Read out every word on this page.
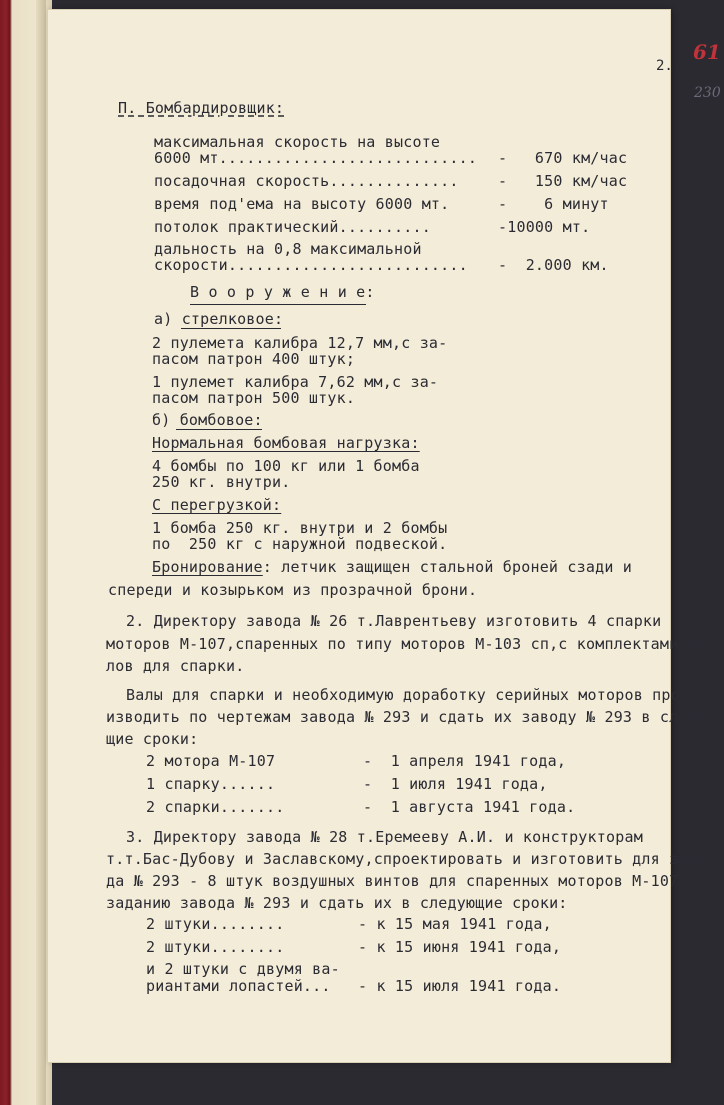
2.-
61
230
П. Бомбардировщик:
максимальная скорость на высоте
6000 мт............................ -   670 км/час
посадочная скорость..............	-   150 км/час
время под'ема на высоту 6000 мт.	-    6 минут
потолок практический..........	-10000 мт.
дальность на 0,8 максимальной
скорости.......................... -  2.000 км.
В о о р у ж е н и е:
а) стрелковое:
2 пулемета калибра 12,7 мм,с за-
пасом патрон 400 штук;
1 пулемет калибра 7,62 мм,с за-
пасом патрон 500 штук.
б) бомбовое:
Нормальная бомбовая нагрузка:
4 бомбы по 100 кг или 1 бомба
250 кг. внутри.
С перегрузкой:
1 бомба 250 кг. внутри и 2 бомбы
по  250 кг с наружной подвеской.
Бронирование: летчик защищен стальной броней сзади и
спереди и козырьком из прозрачной брони.
2. Директору завода № 26 т.Лаврентьеву изготовить 4 спарки
моторов М-107,спаренных по типу моторов М-103 сп,с комплектами ва-
лов для спарки.
Валы для спарки и необходимую доработку серийных моторов про-
изводить по чертежам завода № 293 и сдать их заводу № 293 в следую-
щие сроки:
2 мотора М-107	-  1 апреля 1941 года,
1 спарку......	-  1 июля 1941 года,
2 спарки.......	-  1 августа 1941 года.
3. Директору завода № 28 т.Еремееву А.И. и конструкторам
т.т.Бас-Дубову и Заславскому,спроектировать и изготовить для заво-
да № 293 - 8 штук воздушных винтов для спаренных моторов М-107,по
заданию завода № 293 и сдать их в следующие сроки:
2 штуки........	- к 15 мая 1941 года,
2 штуки........	- к 15 июня 1941 года,
и 2 штуки с двумя ва-
риантами лопастей... - к 15 июля 1941 года.
